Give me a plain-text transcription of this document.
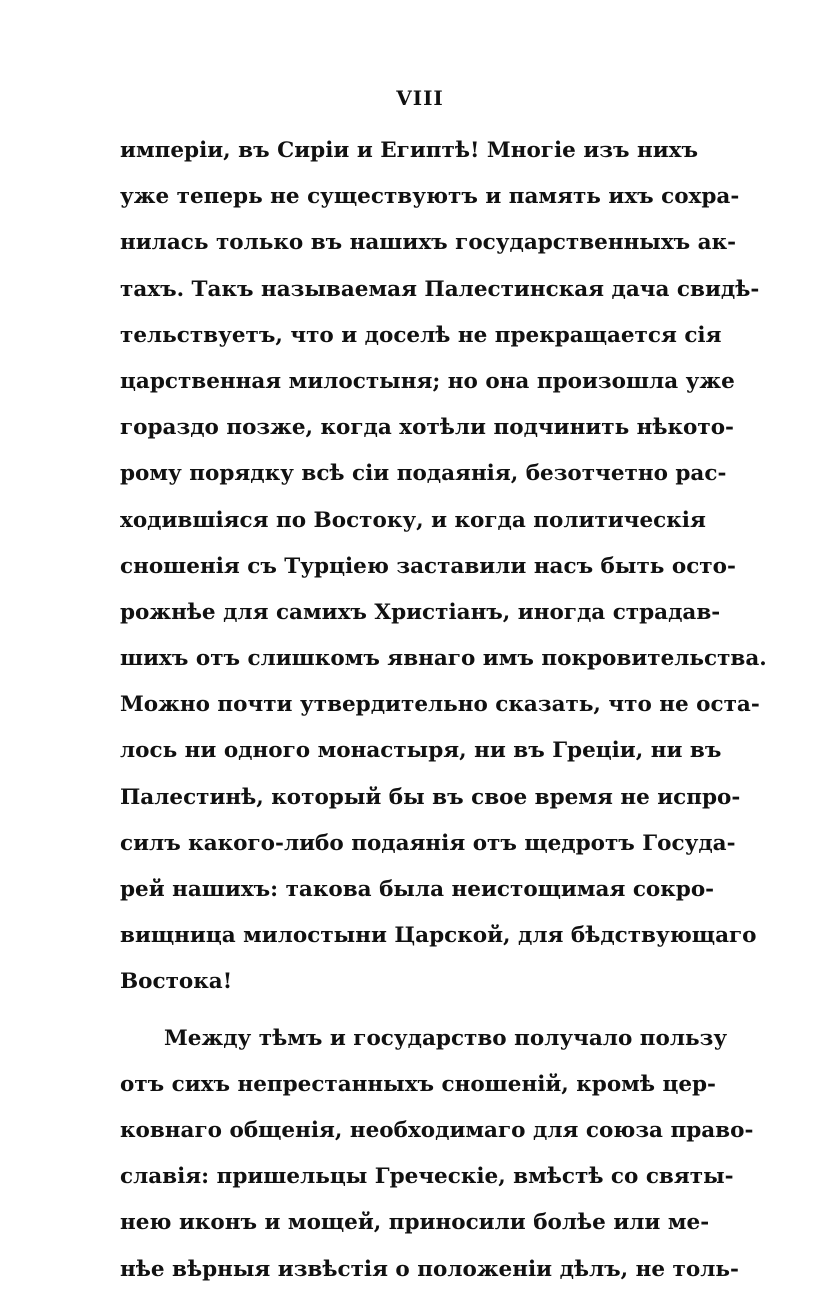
VIII
имперіи, въ Сиріи и Египтѣ! Многіе изъ нихъ
уже теперь не существуютъ и память ихъ сохра-
нилась только въ нашихъ государственныхъ ак-
тахъ. Такъ называемая Палестинская дача свидѣ-
тельствуетъ, что и доселѣ не прекращается сія
царственная милостыня; но она произошла уже
гораздо позже, когда хотѣли подчинить нѣкото-
рому порядку всѣ сіи подаянія, безотчетно рас-
ходившіяся по Востоку, и когда политическія
сношенія съ Турціею заставили насъ быть осто-
рожнѣе для самихъ Христіанъ, иногда страдав-
шихъ отъ слишкомъ явнаго имъ покровительства.
Можно почти утвердительно сказать, что не оста-
лось ни одного монастыря, ни въ Греціи, ни въ
Палестинѣ, который бы въ свое время не испро-
силъ какого-либо подаянія отъ щедротъ Госуда-
рей нашихъ: такова была неистощимая сокро-
вищница милостыни Царской, для бѣдствующаго
Востока!
Между тѣмъ и государство получало пользу
отъ сихъ непрестанныхъ сношеній, кромѣ цер-
ковнаго общенія, необходимаго для союза право-
славія: пришельцы Греческіе, вмѣстѣ со святы-
нею иконъ и мощей, приносили болѣе или ме-
нѣе вѣрныя извѣстія о положеніи дѣлъ, не толь-
